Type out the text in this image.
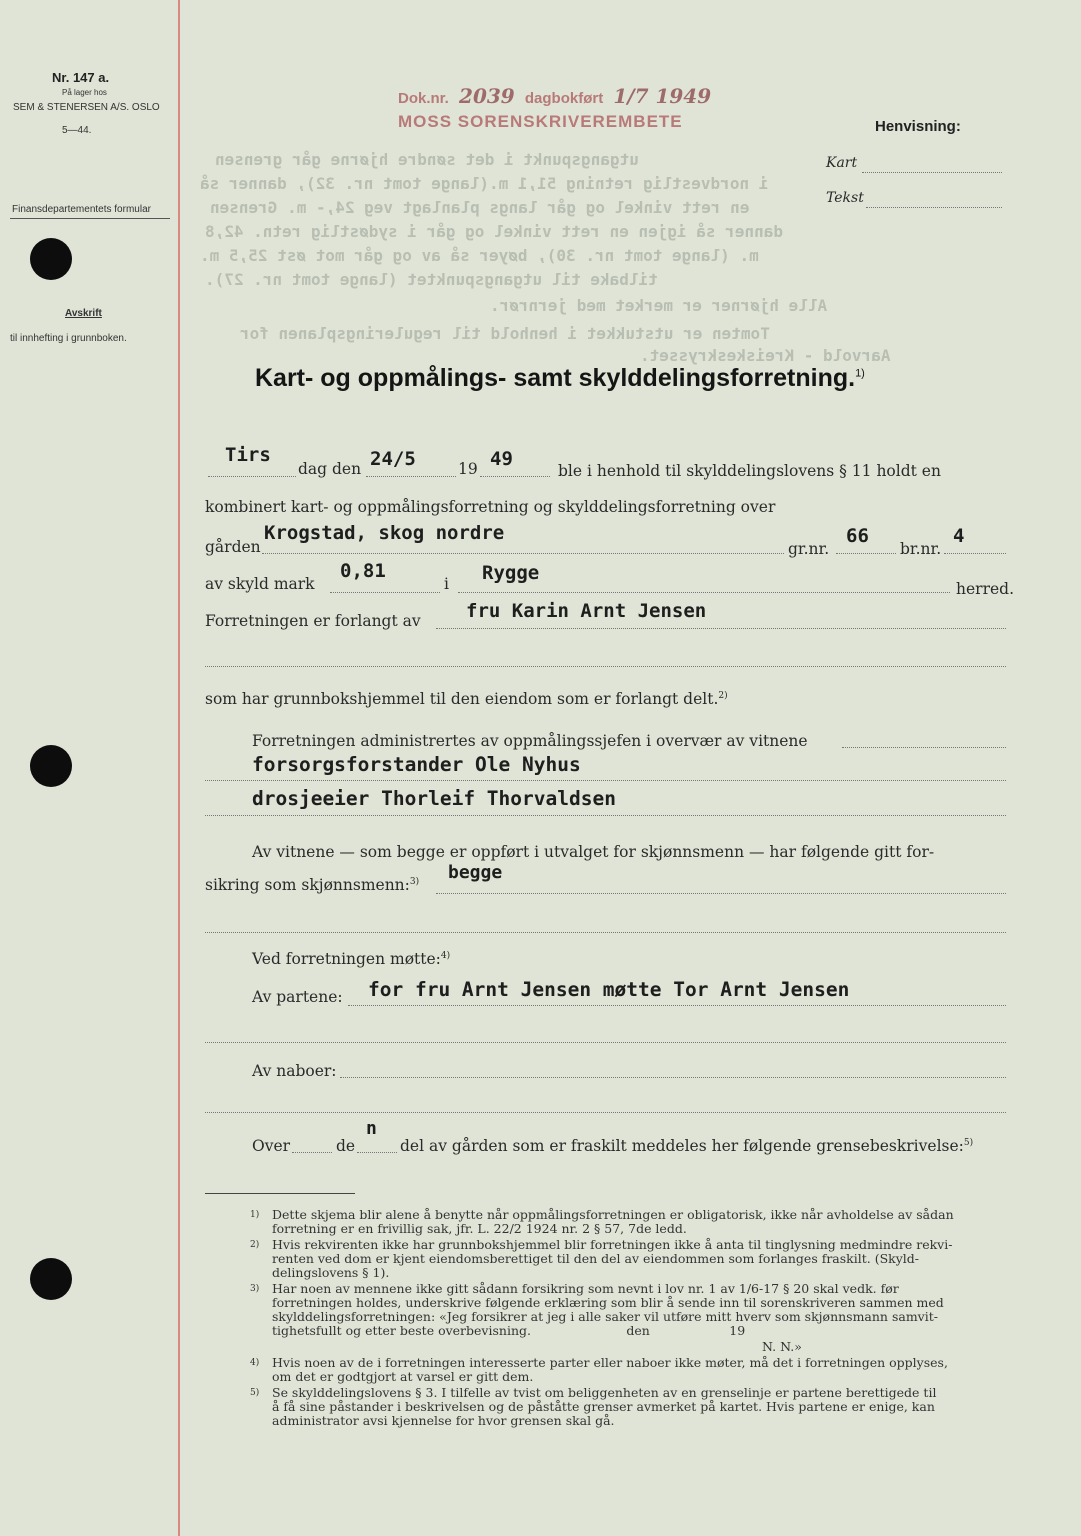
Nr. 147 a.
På lager hos
SEM & STENERSEN A/S. OSLO
5—44.
Finansdepartementets formular
Avskrift
til innhefting i grunnboken.
Dok.nr. 2039 dagbokført 1/7 1949
MOSS SORENSKRIVEREMBETE	Henvisning:
Kart
Tekst
utgangspunkt i det søndre hjørne går grensen
i nordvestlig retning 51,1 m.(lange tomt nr. 32), danner så
en rett vinkel og går langs planlagt veg 24,- m. Grensen
danner så igjen en rett vinkel og går i sydøstlig retn. 42,8
m. (lange tomt nr. 30), bøyer så av og går mot øst 25,5 m.
tilbake til utgangspunktet (lange tomt nr. 27).
Alle hjørner er merket med jernrør.
Tomten er utstukket i henhold til reguleringsplanen for
Aarvold - Kreiskeskrysset.
Kart- og oppmålings- samt skylddelingsforretning.$^{1)}$
Tirs
dag den 24/5	19 49
ble i henhold til skylddelingslovens § 11 holdt en
kombinert kart- og oppmålingsforretning og skylddelingsforretning over
gården
Krogstad, skog nordre
gr.nr.
66
br.nr.
4
av skyld mark
0,81
i Rygge
herred.
Forretningen er forlangt av fru Karin Arnt Jensen
som har grunnbokshjemmel til den eiendom som er forlangt delt.$^{2)}$
Forretningen administrertes av oppmålingssjefen i overvær av vitnene
forsorgsforstander Ole Nyhus
drosjeeier Thorleif Thorvaldsen
Av vitnene — som begge er oppført i utvalget for skjønnsmenn — har følgende gitt for-
sikring som skjønnsmenn:$^{3)}$ begge
Ved forretningen møtte:$^{4)}$
Av partene: for fru Arnt Jensen møtte Tor Arnt Jensen
Av naboer:
Over	de
n
del av gården som er fraskilt meddeles her følgende grensebeskrivelse:$^{5)}$
1) Dette skjema blir alene å benytte når oppmålingsforretningen er obligatorisk, ikke når avholdelse av sådan
forretning er en frivillig sak, jfr. L. 22/2 1924 nr. 2 § 57, 7de ledd.
2) Hvis rekvirenten ikke har grunnbokshjemmel blir forretningen ikke å anta til tinglysning medmindre rekvi-
renten ved dom er kjent eiendomsberettiget til den del av eiendommen som forlanges fraskilt. (Skyld-
delingslovens § 1).
3) Har noen av mennene ikke gitt sådann forsikring som nevnt i lov nr. 1 av 1/6-17 § 20 skal vedk. før
forretningen holdes, underskrive følgende erklæring som blir å sende inn til sorenskriveren sammen med
skylddelingsforretningen: «Jeg forsikrer at jeg i alle saker vil utføre mitt hverv som skjønnsmann samvit-
tighetsfullt og etter beste overbevisning.                        den                    19
N. N.»
4) Hvis noen av de i forretningen interesserte parter eller naboer ikke møter, må det i forretningen opplyses,
om det er godtgjort at varsel er gitt dem.
5) Se skylddelingslovens § 3. I tilfelle av tvist om beliggenheten av en grenselinje er partene berettigede til
å få sine påstander i beskrivelsen og de påståtte grenser avmerket på kartet. Hvis partene er enige, kan
administrator avsi kjennelse for hvor grensen skal gå.
